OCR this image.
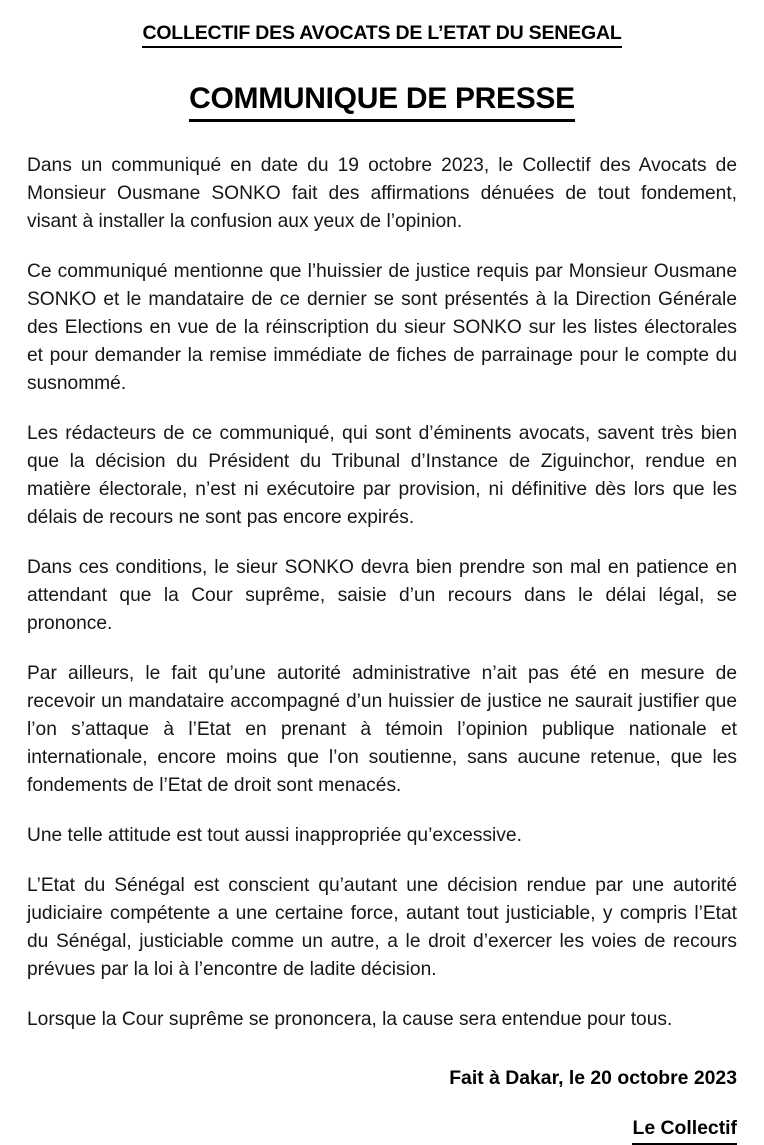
COLLECTIF DES AVOCATS DE L’ETAT DU SENEGAL
COMMUNIQUE DE PRESSE

Dans un communiqué en date du 19 octobre 2023, le Collectif des Avocats de Monsieur Ousmane SONKO fait des affirmations dénuées de tout fondement, visant à installer la confusion aux yeux de l’opinion.

Ce communiqué mentionne que l’huissier de justice requis par Monsieur Ousmane SONKO et le mandataire de ce dernier se sont présentés à la Direction Générale des Elections en vue de la réinscription du sieur SONKO sur les listes électorales et pour demander la remise immédiate de fiches de parrainage pour le compte du susnommé.

Les rédacteurs de ce communiqué, qui sont d’éminents avocats, savent très bien que la décision du Président du Tribunal d’Instance de Ziguinchor, rendue en matière électorale, n’est ni exécutoire par provision, ni définitive dès lors que les délais de recours ne sont pas encore expirés.

Dans ces conditions, le sieur SONKO devra bien prendre son mal en patience en attendant que la Cour suprême, saisie d’un recours dans le délai légal, se prononce.

Par ailleurs, le fait qu’une autorité administrative n’ait pas été en mesure de recevoir un mandataire accompagné d’un huissier de justice ne saurait justifier que l’on s’attaque à l’Etat en prenant à témoin l’opinion publique nationale et internationale, encore moins que l’on soutienne, sans aucune retenue, que les fondements de l’Etat de droit sont menacés.

Une telle attitude est tout aussi inappropriée qu’excessive.

L’Etat du Sénégal est conscient qu’autant une décision rendue par une autorité judiciaire compétente a une certaine force, autant tout justiciable, y compris l’Etat du Sénégal, justiciable comme un autre, a le droit d’exercer les voies de recours prévues par la loi à l’encontre de ladite décision.

Lorsque la Cour suprême se prononcera, la cause sera entendue pour tous.

Fait à Dakar, le 20 octobre 2023

Le Collectif
